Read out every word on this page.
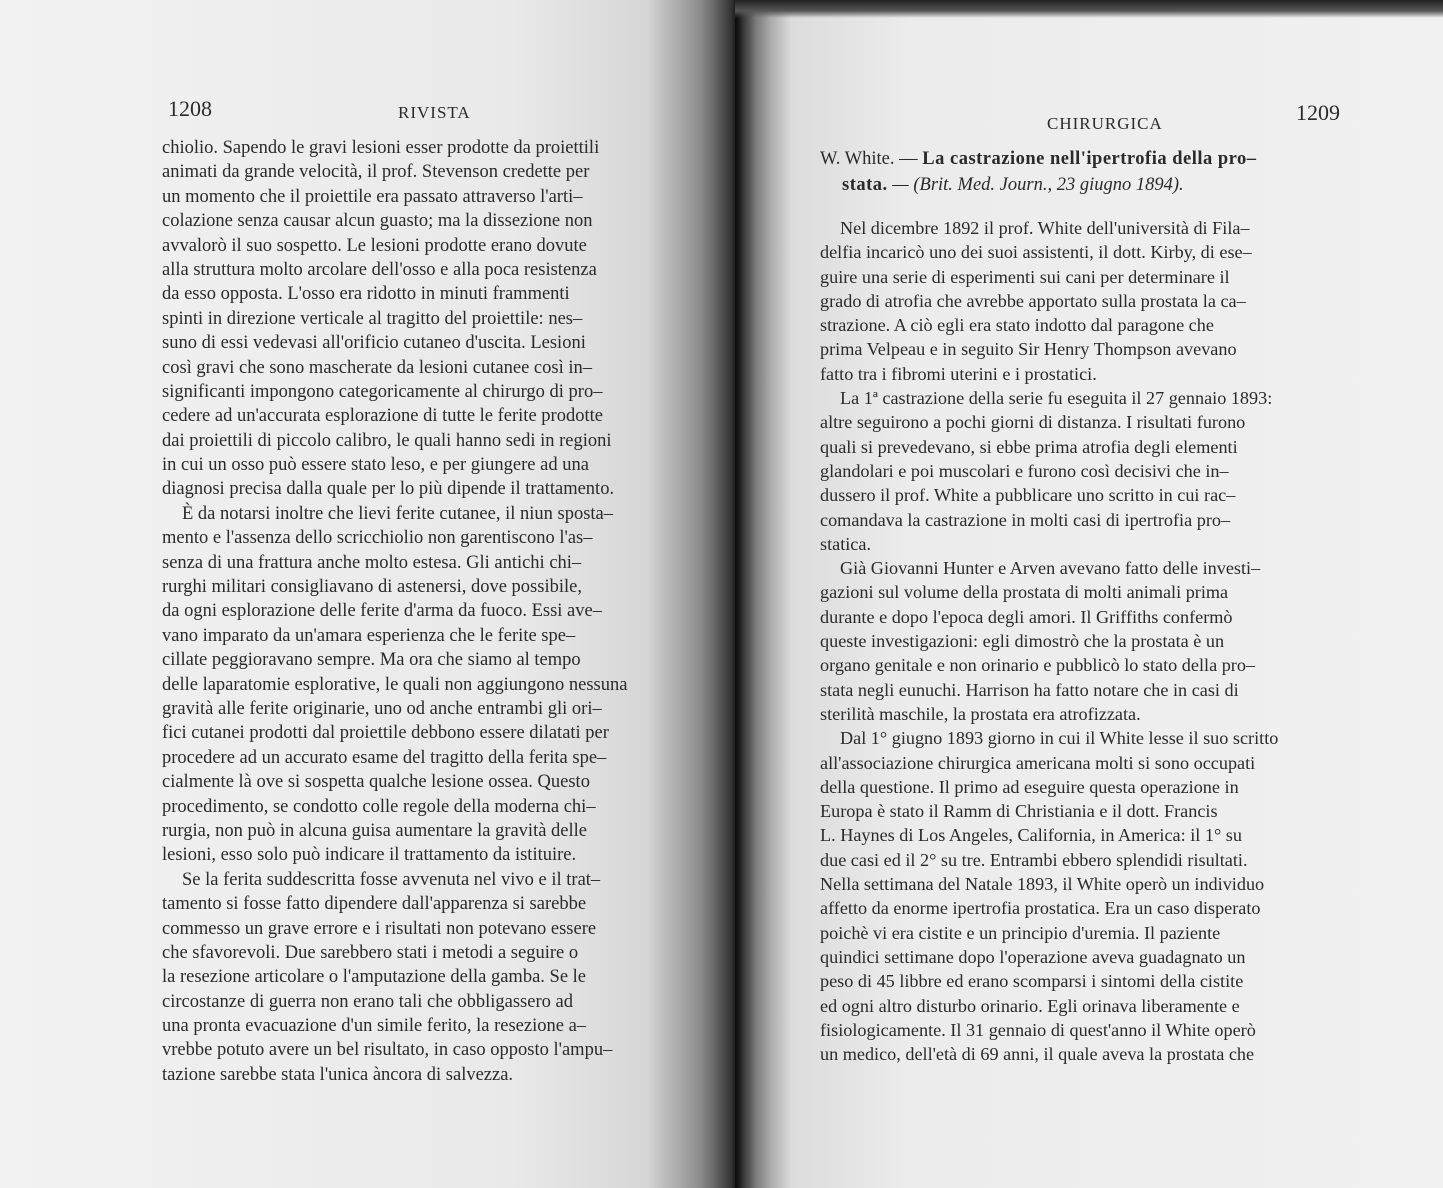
1208	RIVISTA
chiolio. Sapendo le gravi lesioni esser prodotte da proiettili
animati da grande velocità, il prof. Stevenson credette per
un momento che il proiettile era passato attraverso l'arti–
colazione senza causar alcun guasto; ma la dissezione non
avvalorò il suo sospetto. Le lesioni prodotte erano dovute
alla struttura molto arcolare dell'osso e alla poca resistenza
da esso opposta. L'osso era ridotto in minuti frammenti
spinti in direzione verticale al tragitto del proiettile: nes–
suno di essi vedevasi all'orificio cutaneo d'uscita. Lesioni
così gravi che sono mascherate da lesioni cutanee così in–
significanti impongono categoricamente al chirurgo di pro–
cedere ad un'accurata esplorazione di tutte le ferite prodotte
dai proiettili di piccolo calibro, le quali hanno sedi in regioni
in cui un osso può essere stato leso, e per giungere ad una
diagnosi precisa dalla quale per lo più dipende il trattamento.
È da notarsi inoltre che lievi ferite cutanee, il niun sposta–
mento e l'assenza dello scricchiolio non garentiscono l'as–
senza di una frattura anche molto estesa. Gli antichi chi–
rurghi militari consigliavano di astenersi, dove possibile,
da ogni esplorazione delle ferite d'arma da fuoco. Essi ave–
vano imparato da un'amara esperienza che le ferite spe–
cillate peggioravano sempre. Ma ora che siamo al tempo
delle laparatomie esplorative, le quali non aggiungono nessuna
gravità alle ferite originarie, uno od anche entrambi gli ori–
fici cutanei prodotti dal proiettile debbono essere dilatati per
procedere ad un accurato esame del tragitto della ferita spe–
cialmente là ove si sospetta qualche lesione ossea. Questo
procedimento, se condotto colle regole della moderna chi–
rurgia, non può in alcuna guisa aumentare la gravità delle
lesioni, esso solo può indicare il trattamento da istituire.
Se la ferita suddescritta fosse avvenuta nel vivo e il trat–
tamento si fosse fatto dipendere dall'apparenza si sarebbe
commesso un grave errore e i risultati non potevano essere
che sfavorevoli. Due sarebbero stati i metodi a seguire o
la resezione articolare o l'amputazione della gamba. Se le
circostanze di guerra non erano tali che obbligassero ad
una pronta evacuazione d'un simile ferito, la resezione a–
vrebbe potuto avere un bel risultato, in caso opposto l'ampu–
tazione sarebbe stata l'unica àncora di salvezza.
CHIRURGICA	1209
W. White. — La castrazione nell'ipertrofia della pro–
stata. — (Brit. Med. Journ., 23 giugno 1894).
Nel dicembre 1892 il prof. White dell'università di Fila–
delfia incaricò uno dei suoi assistenti, il dott. Kirby, di ese–
guire una serie di esperimenti sui cani per determinare il
grado di atrofia che avrebbe apportato sulla prostata la ca–
strazione. A ciò egli era stato indotto dal paragone che
prima Velpeau e in seguito Sir Henry Thompson avevano
fatto tra i fibromi uterini e i prostatici.
La 1ª castrazione della serie fu eseguita il 27 gennaio 1893:
altre seguirono a pochi giorni di distanza. I risultati furono
quali si prevedevano, si ebbe prima atrofia degli elementi
glandolari e poi muscolari e furono così decisivi che in–
dussero il prof. White a pubblicare uno scritto in cui rac–
comandava la castrazione in molti casi di ipertrofia pro–
statica.
Già Giovanni Hunter e Arven avevano fatto delle investi–
gazioni sul volume della prostata di molti animali prima
durante e dopo l'epoca degli amori. Il Griffiths confermò
queste investigazioni: egli dimostrò che la prostata è un
organo genitale e non orinario e pubblicò lo stato della pro–
stata negli eunuchi. Harrison ha fatto notare che in casi di
sterilità maschile, la prostata era atrofizzata.
Dal 1° giugno 1893 giorno in cui il White lesse il suo scritto
all'associazione chirurgica americana molti si sono occupati
della questione. Il primo ad eseguire questa operazione in
Europa è stato il Ramm di Christiania e il dott. Francis
L. Haynes di Los Angeles, California, in America: il 1° su
due casi ed il 2° su tre. Entrambi ebbero splendidi risultati.
Nella settimana del Natale 1893, il White operò un individuo
affetto da enorme ipertrofia prostatica. Era un caso disperato
poichè vi era cistite e un principio d'uremia. Il paziente
quindici settimane dopo l'operazione aveva guadagnato un
peso di 45 libbre ed erano scomparsi i sintomi della cistite
ed ogni altro disturbo orinario. Egli orinava liberamente e
fisiologicamente. Il 31 gennaio di quest'anno il White operò
un medico, dell'età di 69 anni, il quale aveva la prostata che
